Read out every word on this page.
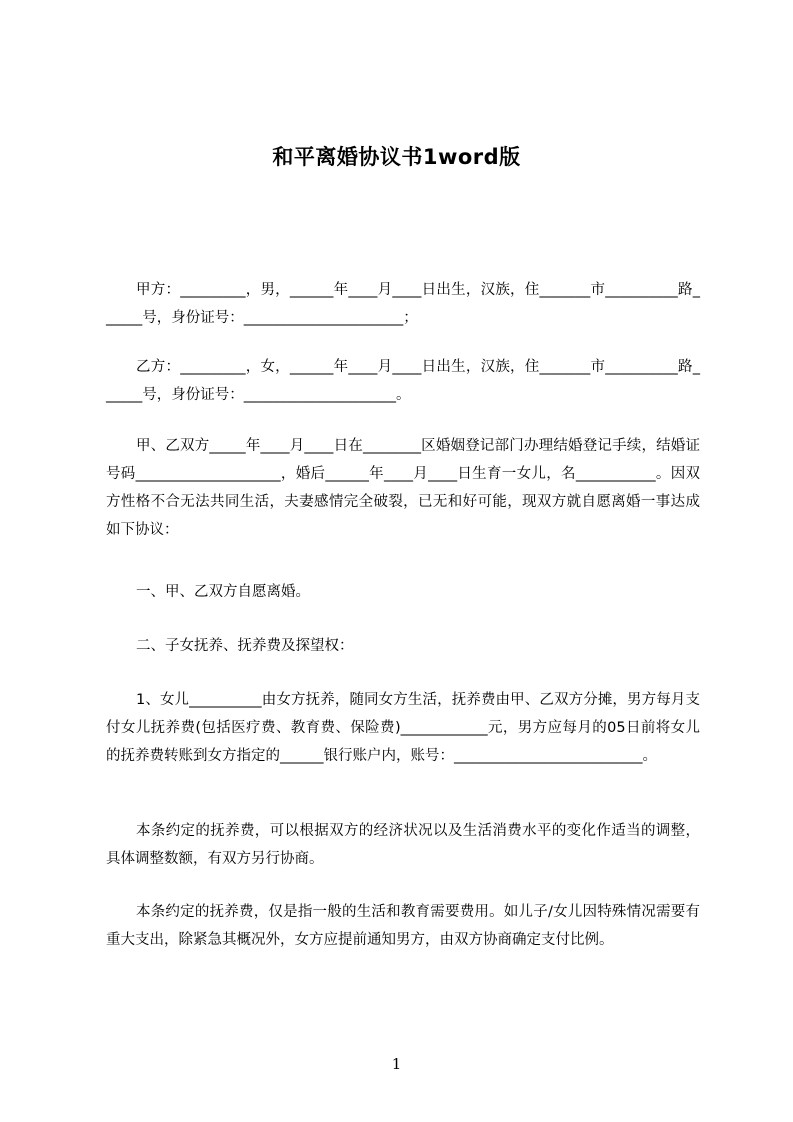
和平离婚协议书1word版

甲方：_________，男，______年____月____日出生，汉族，住_______市__________路______号，身份证号：______________________；

乙方：_________，女，______年____月____日出生，汉族，住_______市__________路______号，身份证号：_____________________。

甲、乙双方_____年____月____日在________区婚姻登记部门办理结婚登记手续，结婚证号码____________________，婚后______年____月____日生育一女儿，名___________。因双方性格不合无法共同生活，夫妻感情完全破裂，已无和好可能，现双方就自愿离婚一事达成如下协议：

一、甲、乙双方自愿离婚。

二、子女抚养、抚养费及探望权：

1、女儿__________由女方抚养，随同女方生活，抚养费由甲、乙双方分摊，男方每月支付女儿抚养费(包括医疗费、教育费、保险费)____________元，男方应每月的05日前将女儿的抚养费转账到女方指定的______银行账户内，账号：__________________________。

本条约定的抚养费，可以根据双方的经济状况以及生活消费水平的变化作适当的调整，具体调整数额，有双方另行协商。

本条约定的抚养费，仅是指一般的生活和教育需要费用。如儿子/女儿因特殊情况需要有重大支出，除紧急其概况外，女方应提前通知男方，由双方协商确定支付比例。

1
